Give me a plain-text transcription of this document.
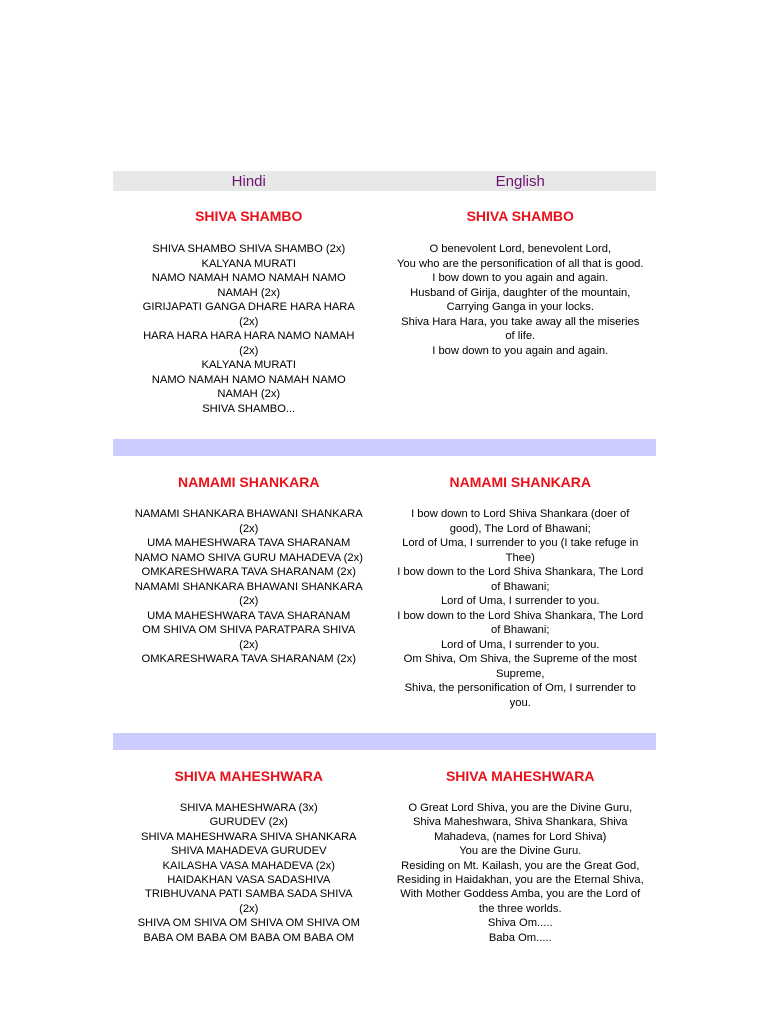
Hindi	English
SHIVA SHAMBO
SHIVA SHAMBO SHIVA SHAMBO (2x)
KALYANA MURATI
NAMO NAMAH NAMO NAMAH NAMO
NAMAH (2x)
GIRIJAPATI GANGA DHARE HARA HARA
(2x)
HARA HARA HARA HARA NAMO NAMAH
(2x)
KALYANA MURATI
NAMO NAMAH NAMO NAMAH NAMO
NAMAH (2x)
SHIVA SHAMBO...
SHIVA SHAMBO
O benevolent Lord, benevolent Lord,
You who are the personification of all that is good.
I bow down to you again and again.
Husband of Girija, daughter of the mountain,
Carrying Ganga in your locks.
Shiva Hara Hara, you take away all the miseries
of life.
I bow down to you again and again.
NAMAMI SHANKARA
NAMAMI SHANKARA BHAWANI SHANKARA
(2x)
UMA MAHESHWARA TAVA SHARANAM
NAMO NAMO SHIVA GURU MAHADEVA (2x)
OMKARESHWARA TAVA SHARANAM (2x)
NAMAMI SHANKARA BHAWANI SHANKARA
(2x)
UMA MAHESHWARA TAVA SHARANAM
OM SHIVA OM SHIVA PARATPARA SHIVA
(2x)
OMKARESHWARA TAVA SHARANAM (2x)
NAMAMI SHANKARA
I bow down to Lord Shiva Shankara (doer of
good), The Lord of Bhawani;
Lord of Uma, I surrender to you (I take refuge in
Thee)
I bow down to the Lord Shiva Shankara, The Lord
of Bhawani;
Lord of Uma, I surrender to you.
I bow down to the Lord Shiva Shankara, The Lord
of Bhawani;
Lord of Uma, I surrender to you.
Om Shiva, Om Shiva, the Supreme of the most
Supreme,
Shiva, the personification of Om, I surrender to
you.
SHIVA MAHESHWARA
SHIVA MAHESHWARA (3x)
GURUDEV (2x)
SHIVA MAHESHWARA SHIVA SHANKARA
SHIVA MAHADEVA GURUDEV
KAILASHA VASA MAHADEVA (2x)
HAIDAKHAN VASA SADASHIVA
TRIBHUVANA PATI SAMBA SADA SHIVA
(2x)
SHIVA OM SHIVA OM SHIVA OM SHIVA OM
BABA OM BABA OM BABA OM BABA OM
SHIVA MAHESHWARA
O Great Lord Shiva, you are the Divine Guru,
Shiva Maheshwara, Shiva Shankara, Shiva
Mahadeva, (names for Lord Shiva)
You are the Divine Guru.
Residing on Mt. Kailash, you are the Great God,
Residing in Haidakhan, you are the Eternal Shiva,
With Mother Goddess Amba, you are the Lord of
the three worlds.
Shiva Om.....
Baba Om.....
